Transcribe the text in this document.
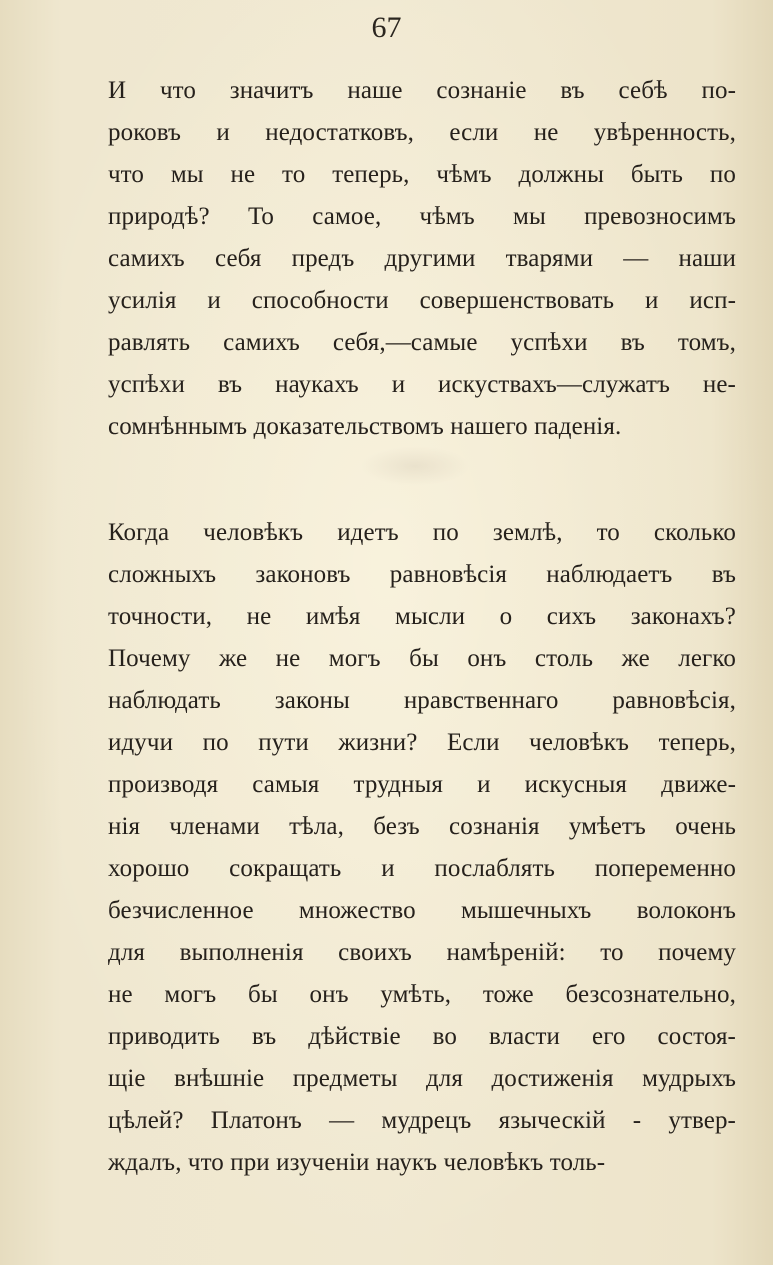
67

И что значитъ наше сознаніе въ себѣ по-
роковъ и недостатковъ, если не увѣренность,
что мы не то теперь, чѣмъ должны быть по
природѣ? То самое, чѣмъ мы превозносимъ
самихъ себя предъ другими тварями — наши
усилія и способности совершенствовать и исп-
равлять самихъ себя,—самые успѣхи въ томъ,
успѣхи въ наукахъ и искуствахъ—служатъ не-
сомнѣннымъ доказательствомъ нашего паденія.

Когда человѣкъ идетъ по землѣ, то сколько
сложныхъ законовъ равновѣсія наблюдаетъ въ
точности, не имѣя мысли о сихъ законахъ?
Почему же не могъ бы онъ столь же легко
наблюдать законы нравственнаго равновѣсія,
идучи по пути жизни? Если человѣкъ теперь,
производя самыя трудныя и искусныя движе-
нія членами тѣла, безъ сознанія умѣетъ очень
хорошо сокращать и послаблять попеременно
безчисленное множество мышечныхъ волоконъ
для выполненія своихъ намѣреній: то почему
не могъ бы онъ умѣть, тоже безсознательно,
приводить въ дѣйствіе во власти его состоя-
щіе внѣшніе предметы для достиженія мудрыхъ
цѣлей? Платонъ — мудрецъ языческій - утвер-
ждалъ, что при изученіи наукъ человѣкъ толь-
